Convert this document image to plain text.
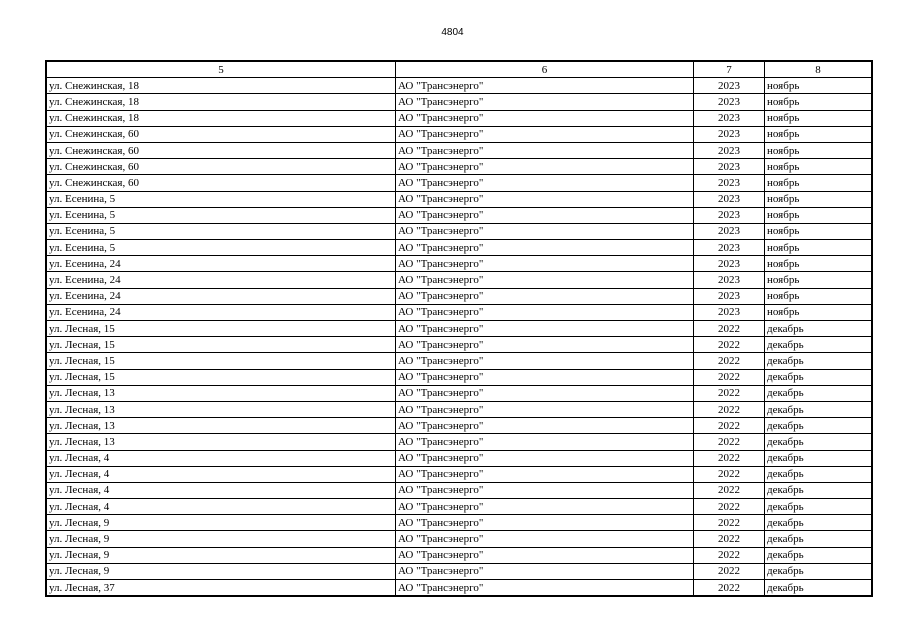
4804
5	6	7	8
ул. Снежинская, 18	АО "Трансэнерго"	2023	ноябрь
ул. Снежинская, 18	АО "Трансэнерго"	2023	ноябрь
ул. Снежинская, 18	АО "Трансэнерго"	2023	ноябрь
ул. Снежинская, 60	АО "Трансэнерго"	2023	ноябрь
ул. Снежинская, 60	АО "Трансэнерго"	2023	ноябрь
ул. Снежинская, 60	АО "Трансэнерго"	2023	ноябрь
ул. Снежинская, 60	АО "Трансэнерго"	2023	ноябрь
ул. Есенина, 5	АО "Трансэнерго"	2023	ноябрь
ул. Есенина, 5	АО "Трансэнерго"	2023	ноябрь
ул. Есенина, 5	АО "Трансэнерго"	2023	ноябрь
ул. Есенина, 5	АО "Трансэнерго"	2023	ноябрь
ул. Есенина, 24	АО "Трансэнерго"	2023	ноябрь
ул. Есенина, 24	АО "Трансэнерго"	2023	ноябрь
ул. Есенина, 24	АО "Трансэнерго"	2023	ноябрь
ул. Есенина, 24	АО "Трансэнерго"	2023	ноябрь
ул. Лесная, 15	АО "Трансэнерго"	2022	декабрь
ул. Лесная, 15	АО "Трансэнерго"	2022	декабрь
ул. Лесная, 15	АО "Трансэнерго"	2022	декабрь
ул. Лесная, 15	АО "Трансэнерго"	2022	декабрь
ул. Лесная, 13	АО "Трансэнерго"	2022	декабрь
ул. Лесная, 13	АО "Трансэнерго"	2022	декабрь
ул. Лесная, 13	АО "Трансэнерго"	2022	декабрь
ул. Лесная, 13	АО "Трансэнерго"	2022	декабрь
ул. Лесная, 4	АО "Трансэнерго"	2022	декабрь
ул. Лесная, 4	АО "Трансэнерго"	2022	декабрь
ул. Лесная, 4	АО "Трансэнерго"	2022	декабрь
ул. Лесная, 4	АО "Трансэнерго"	2022	декабрь
ул. Лесная, 9	АО "Трансэнерго"	2022	декабрь
ул. Лесная, 9	АО "Трансэнерго"	2022	декабрь
ул. Лесная, 9	АО "Трансэнерго"	2022	декабрь
ул. Лесная, 9	АО "Трансэнерго"	2022	декабрь
ул. Лесная, 37	АО "Трансэнерго"	2022	декабрь
